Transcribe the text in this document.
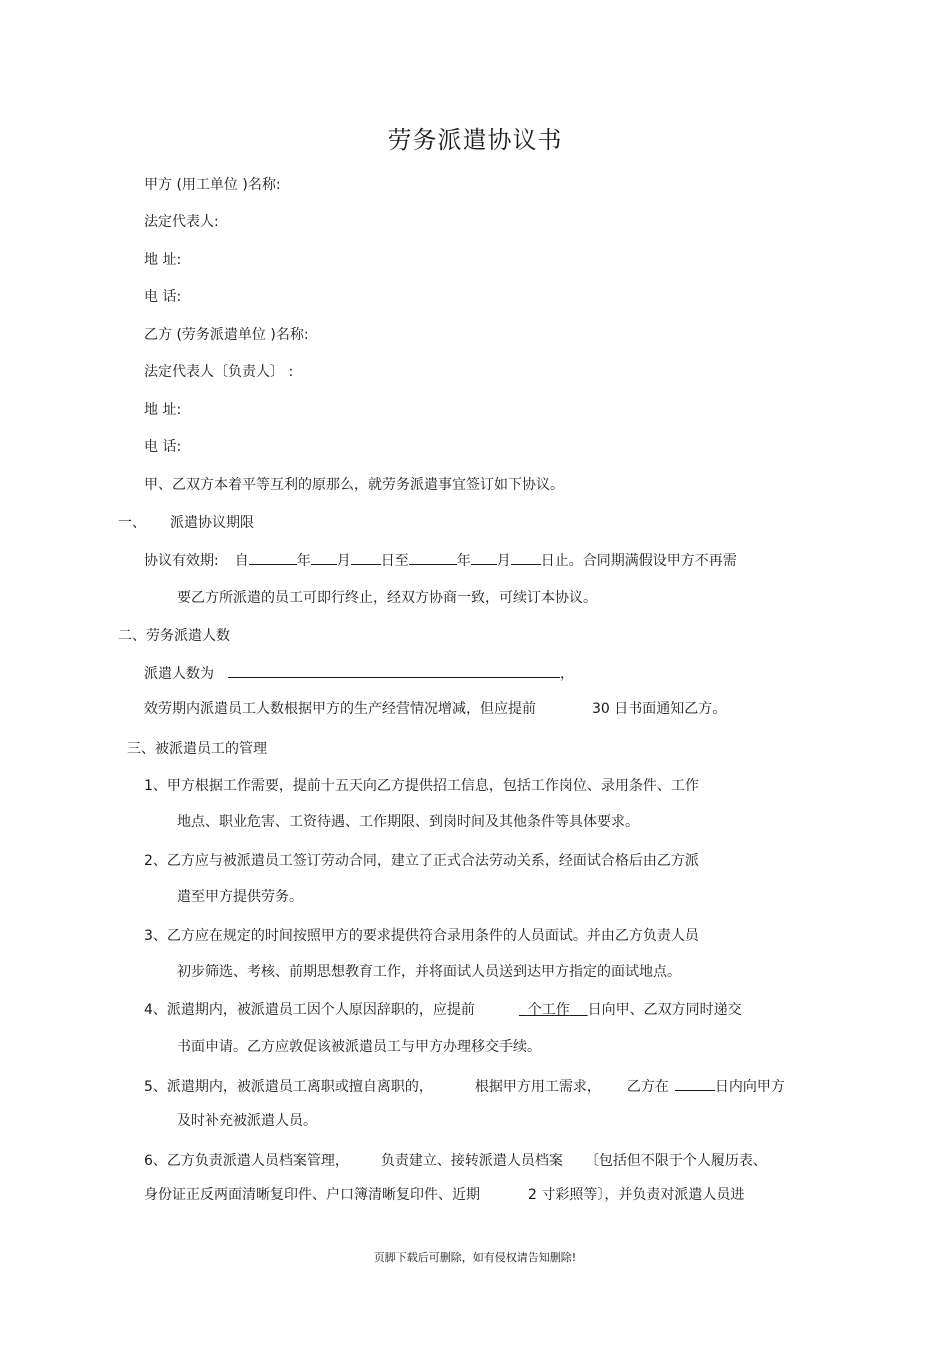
劳务派遣协议书
甲方 (用工单位 )名称:
法定代表人:
地 址:
电 话:
乙方 (劳务派遣单位 )名称:
法定代表人〔负责人〕 :
地 址:
电 话:
甲、乙双方本着平等互利的原那么，就劳务派遣事宜签订如下协议。
一、 派遣协议期限
协议有效期: 自	年 月 日至	年 月 日止。合同期满假设甲方不再需
要乙方所派遣的员工可即行终止，经双方协商一致，可续订本协议。
二、劳务派遣人数
派遣人数为	，
效劳期内派遣员工人数根据甲方的生产经营情况增减，但应提前	30 日书面通知乙方。
三、被派遣员工的管理
1、甲方根据工作需要，提前十五天向乙方提供招工信息，包括工作岗位、录用条件、工作
地点、职业危害、工资待遇、工作期限、到岗时间及其他条件等具体要求。
2、乙方应与被派遣员工签订劳动合同，建立了正式合法劳动关系，经面试合格后由乙方派
遣至甲方提供劳务。
3、乙方应在规定的时间按照甲方的要求提供符合录用条件的人员面试。并由乙方负责人员
初步筛选、考核、前期思想教育工作，并将面试人员送到达甲方指定的面试地点。
4、派遣期内，被派遣员工因个人原因辞职的，应提前	个工作 日向甲、乙双方同时递交
书面申请。乙方应敦促该被派遣员工与甲方办理移交手续。
5、派遣期内，被派遣员工离职或擅自离职的，	根据甲方用工需求， 乙方在	日内向甲方
及时补充被派遣人员。
6、乙方负责派遣人员档案管理， 负责建立、接转派遣人员档案 〔包括但不限于个人履历表、
身份证正反两面清晰复印件、户口簿清晰复印件、近期	2 寸彩照等〕，并负责对派遣人员进
页脚下载后可删除，如有侵权请告知删除!
